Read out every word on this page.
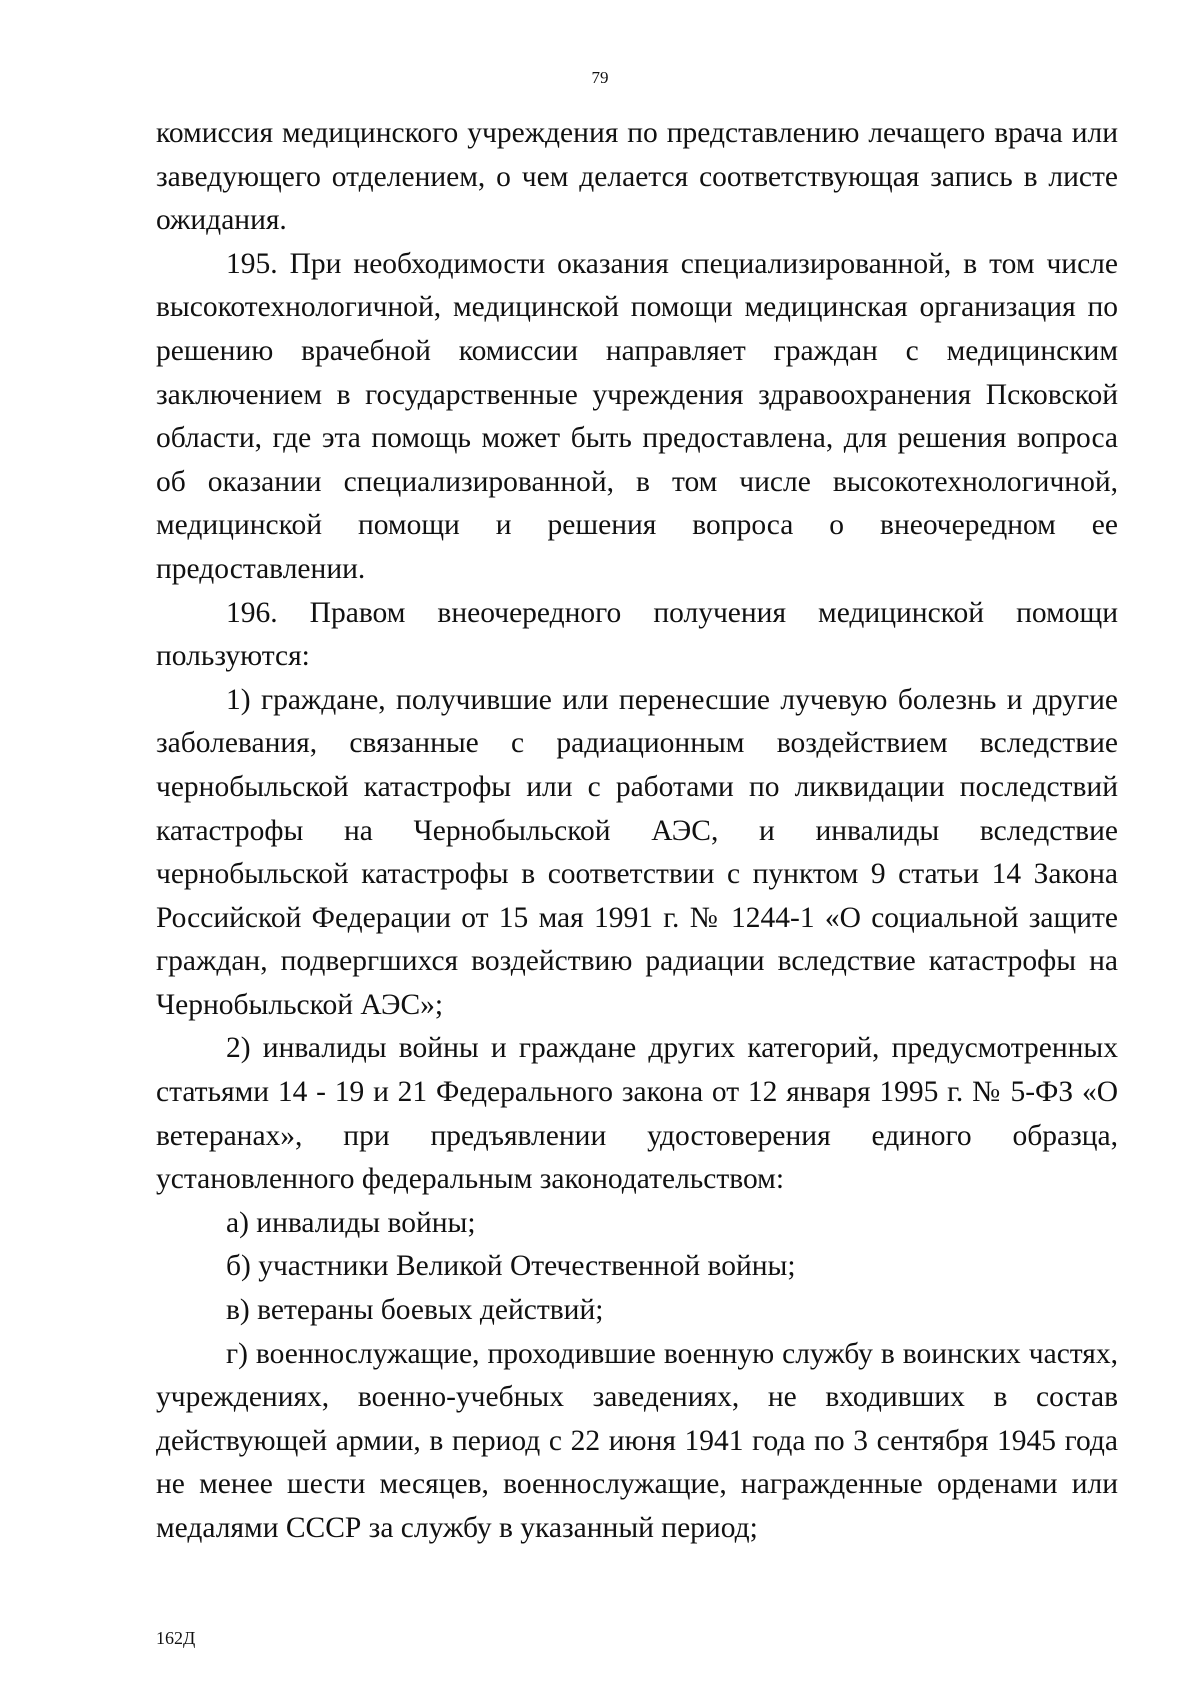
79

комиссия медицинского учреждения по представлению лечащего врача или заведующего отделением, о чем делается соответствующая запись в листе ожидания.

195. При необходимости оказания специализированной, в том числе высокотехнологичной, медицинской помощи медицинская организация по решению врачебной комиссии направляет граждан с медицинским заключением в государственные учреждения здравоохранения Псковской области, где эта помощь может быть предоставлена, для решения вопроса об оказании специализированной, в том числе высокотехнологичной, медицинской помощи и решения вопроса о внеочередном ее предоставлении.

196. Правом внеочередного получения медицинской помощи пользуются:

1) граждане, получившие или перенесшие лучевую болезнь и другие заболевания, связанные с радиационным воздействием вследствие чернобыльской катастрофы или с работами по ликвидации последствий катастрофы на Чернобыльской АЭС, и инвалиды вследствие чернобыльской катастрофы в соответствии с пунктом 9 статьи 14 Закона Российской Федерации от 15 мая 1991 г. № 1244-1 «О социальной защите граждан, подвергшихся воздействию радиации вследствие катастрофы на Чернобыльской АЭС»;

2) инвалиды войны и граждане других категорий, предусмотренных статьями 14 - 19 и 21 Федерального закона от 12 января 1995 г. № 5-ФЗ «О ветеранах», при предъявлении удостоверения единого образца, установленного федеральным законодательством:

а) инвалиды войны;

б) участники Великой Отечественной войны;

в) ветераны боевых действий;

г) военнослужащие, проходившие военную службу в воинских частях, учреждениях, военно-учебных заведениях, не входивших в состав действующей армии, в период с 22 июня 1941 года по 3 сентября 1945 года не менее шести месяцев, военнослужащие, награжденные орденами или медалями СССР за службу в указанный период;

162Д
